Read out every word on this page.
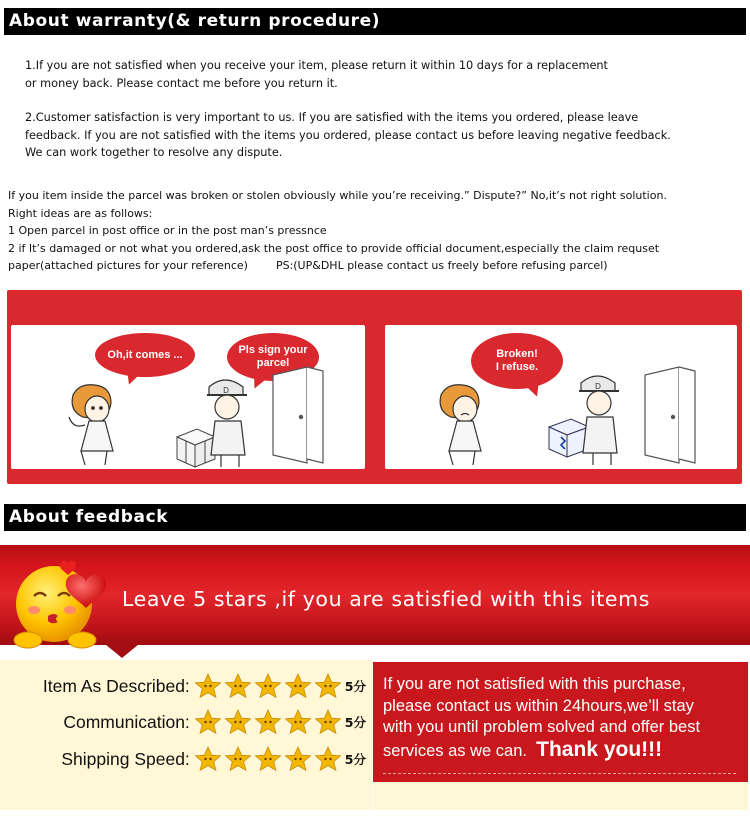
About warranty(& return procedure)
1.If you are not satisfied when you receive your item, please return it within 10 days for a replacement
or money back. Please contact me before you return it.
2.Customer satisfaction is very important to us. If you are satisfied with the items you ordered, please leave
feedback. If you are not satisfied with the items you ordered, please contact us before leaving negative feedback.
We can work together to resolve any dispute.
If you item inside the parcel was broken or stolen obviously while you’re receiving.” Dispute?” No,it’s not right solution.
Right ideas are as follows:
1 Open parcel in post office or in the post man’s pressnce
2 if It’s damaged or not what you ordered,ask the post office to provide official document,especially the claim requset
paper(attached pictures for your reference)        PS:(UP&DHL please contact us freely before refusing parcel)

Oh,it comes ...	Pls sign your
parcel
D
Broken!
I refuse.
D
About feedback
Leave 5 stars ,if you are satisfied with this items
Item As Described:	5分
Communication:	5分
Shipping Speed:	5分
If you are not satisfied with this purchase,
please contact us within 24hours,we’ll stay
with you until problem solved and offer best
services as we can. Thank you!!!
